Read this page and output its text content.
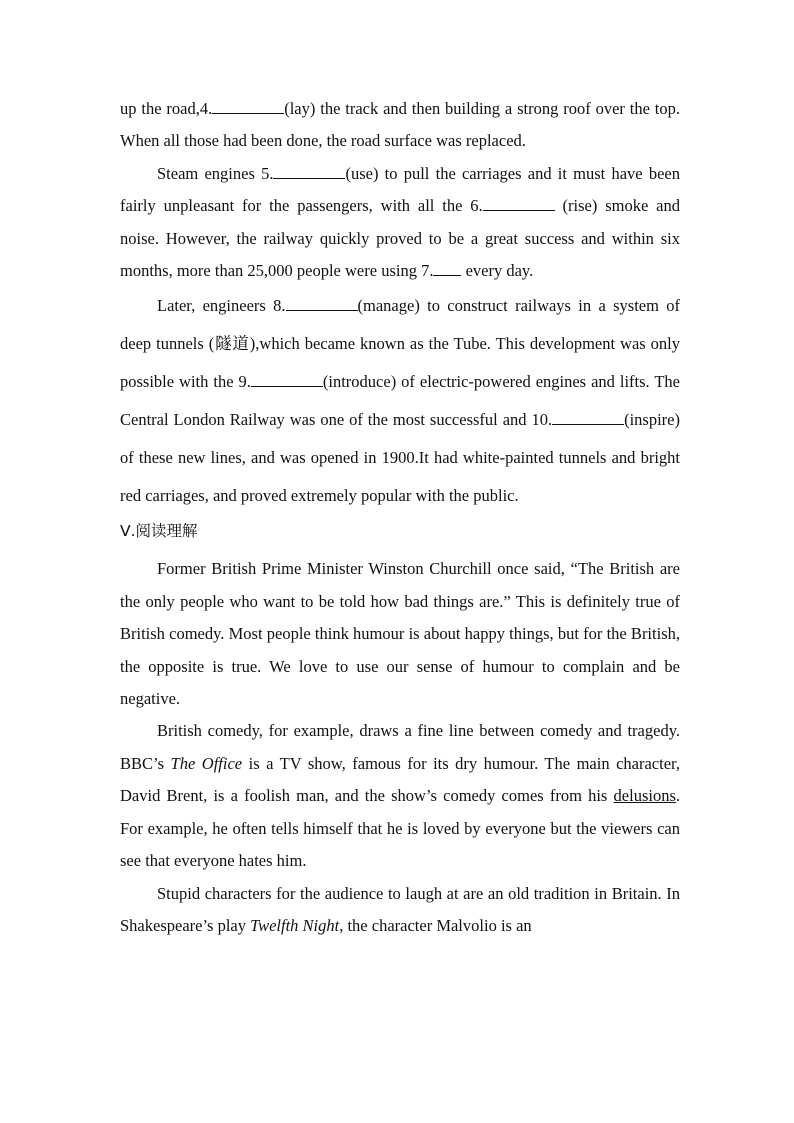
up the road,4.	(lay) the track and then building a strong roof over the top. When all those had been done, the road surface was replaced.

Steam engines 5.	(use) to pull the carriages and it must have been fairly unpleasant for the passengers, with all the 6.	(rise) smoke and noise. However, the railway quickly proved to be a great success and within six months, more than 25,000 people were using 7. every day.

Later, engineers 8.	(manage) to construct railways in a system of deep tunnels (隧道),which became known as the Tube. This development was only possible with the 9.	(introduce) of electric-powered engines and lifts. The Central London Railway was one of the most successful and 10.	(inspire) of these new lines, and was opened in 1900.It had white-painted tunnels and bright red carriages, and proved extremely popular with the public.

Ⅴ.阅读理解

Former British Prime Minister Winston Churchill once said, “The British are the only people who want to be told how bad things are.” This is definitely true of British comedy. Most people think humour is about happy things, but for the British, the opposite is true. We love to use our sense of humour to complain and be negative.

British comedy, for example, draws a fine line between comedy and tragedy. BBC’s The Office is a TV show, famous for its dry humour. The main character, David Brent, is a foolish man, and the show’s comedy comes from his delusions. For example, he often tells himself that he is loved by everyone but the viewers can see that everyone hates him.

Stupid characters for the audience to laugh at are an old tradition in Britain. In Shakespeare’s play Twelfth Night, the character Malvolio is an
